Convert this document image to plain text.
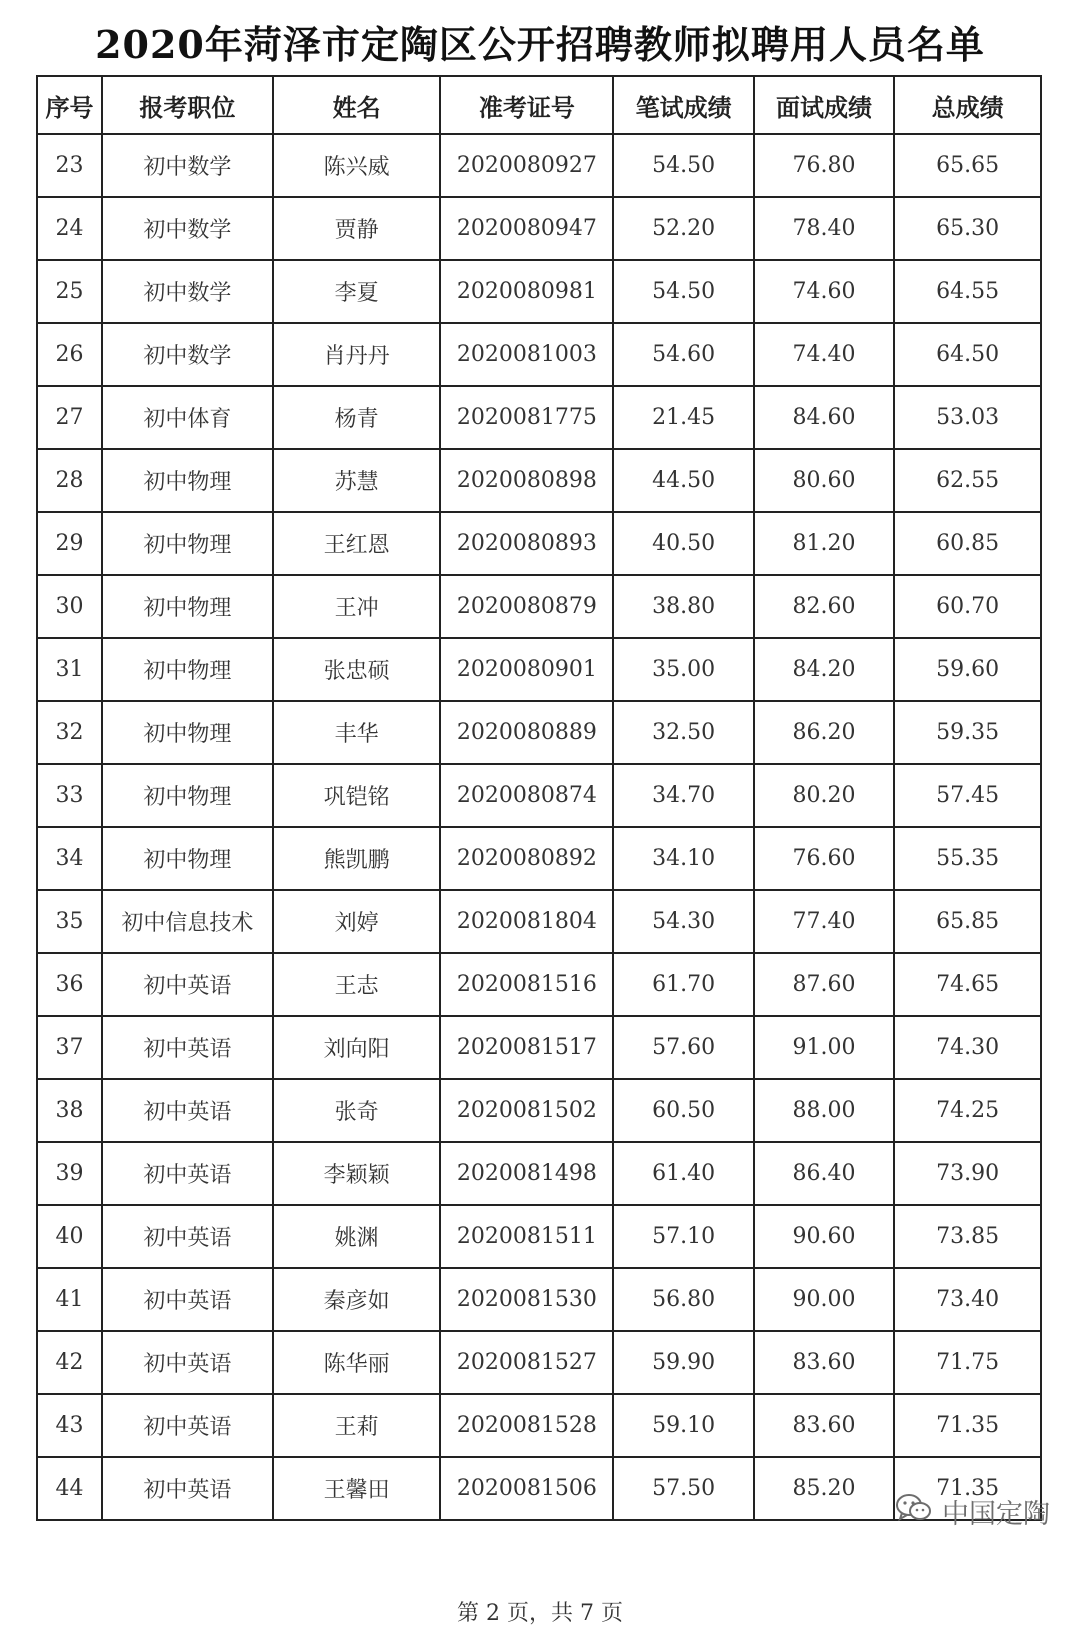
2020年菏泽市定陶区公开招聘教师拟聘用人员名单
序号	报考职位	姓名	准考证号	笔试成绩	面试成绩	总成绩
23	初中数学	陈兴威	2020080927	54.50	76.80	65.65
24	初中数学	贾静	2020080947	52.20	78.40	65.30
25	初中数学	李夏	2020080981	54.50	74.60	64.55
26	初中数学	肖丹丹	2020081003	54.60	74.40	64.50
27	初中体育	杨青	2020081775	21.45	84.60	53.03
28	初中物理	苏慧	2020080898	44.50	80.60	62.55
29	初中物理	王红恩	2020080893	40.50	81.20	60.85
30	初中物理	王冲	2020080879	38.80	82.60	60.70
31	初中物理	张忠硕	2020080901	35.00	84.20	59.60
32	初中物理	丰华	2020080889	32.50	86.20	59.35
33	初中物理	巩铠铭	2020080874	34.70	80.20	57.45
34	初中物理	熊凯鹏	2020080892	34.10	76.60	55.35
35	初中信息技术	刘婷	2020081804	54.30	77.40	65.85
36	初中英语	王志	2020081516	61.70	87.60	74.65
37	初中英语	刘向阳	2020081517	57.60	91.00	74.30
38	初中英语	张奇	2020081502	60.50	88.00	74.25
39	初中英语	李颖颖	2020081498	61.40	86.40	73.90
40	初中英语	姚渊	2020081511	57.10	90.60	73.85
41	初中英语	秦彦如	2020081530	56.80	90.00	73.40
42	初中英语	陈华丽	2020081527	59.90	83.60	71.75
43	初中英语	王莉	2020081528	59.10	83.60	71.35
44	初中英语	王馨田	2020081506	57.50	85.20	71.35
中国定陶
第 2 页，共 7 页
